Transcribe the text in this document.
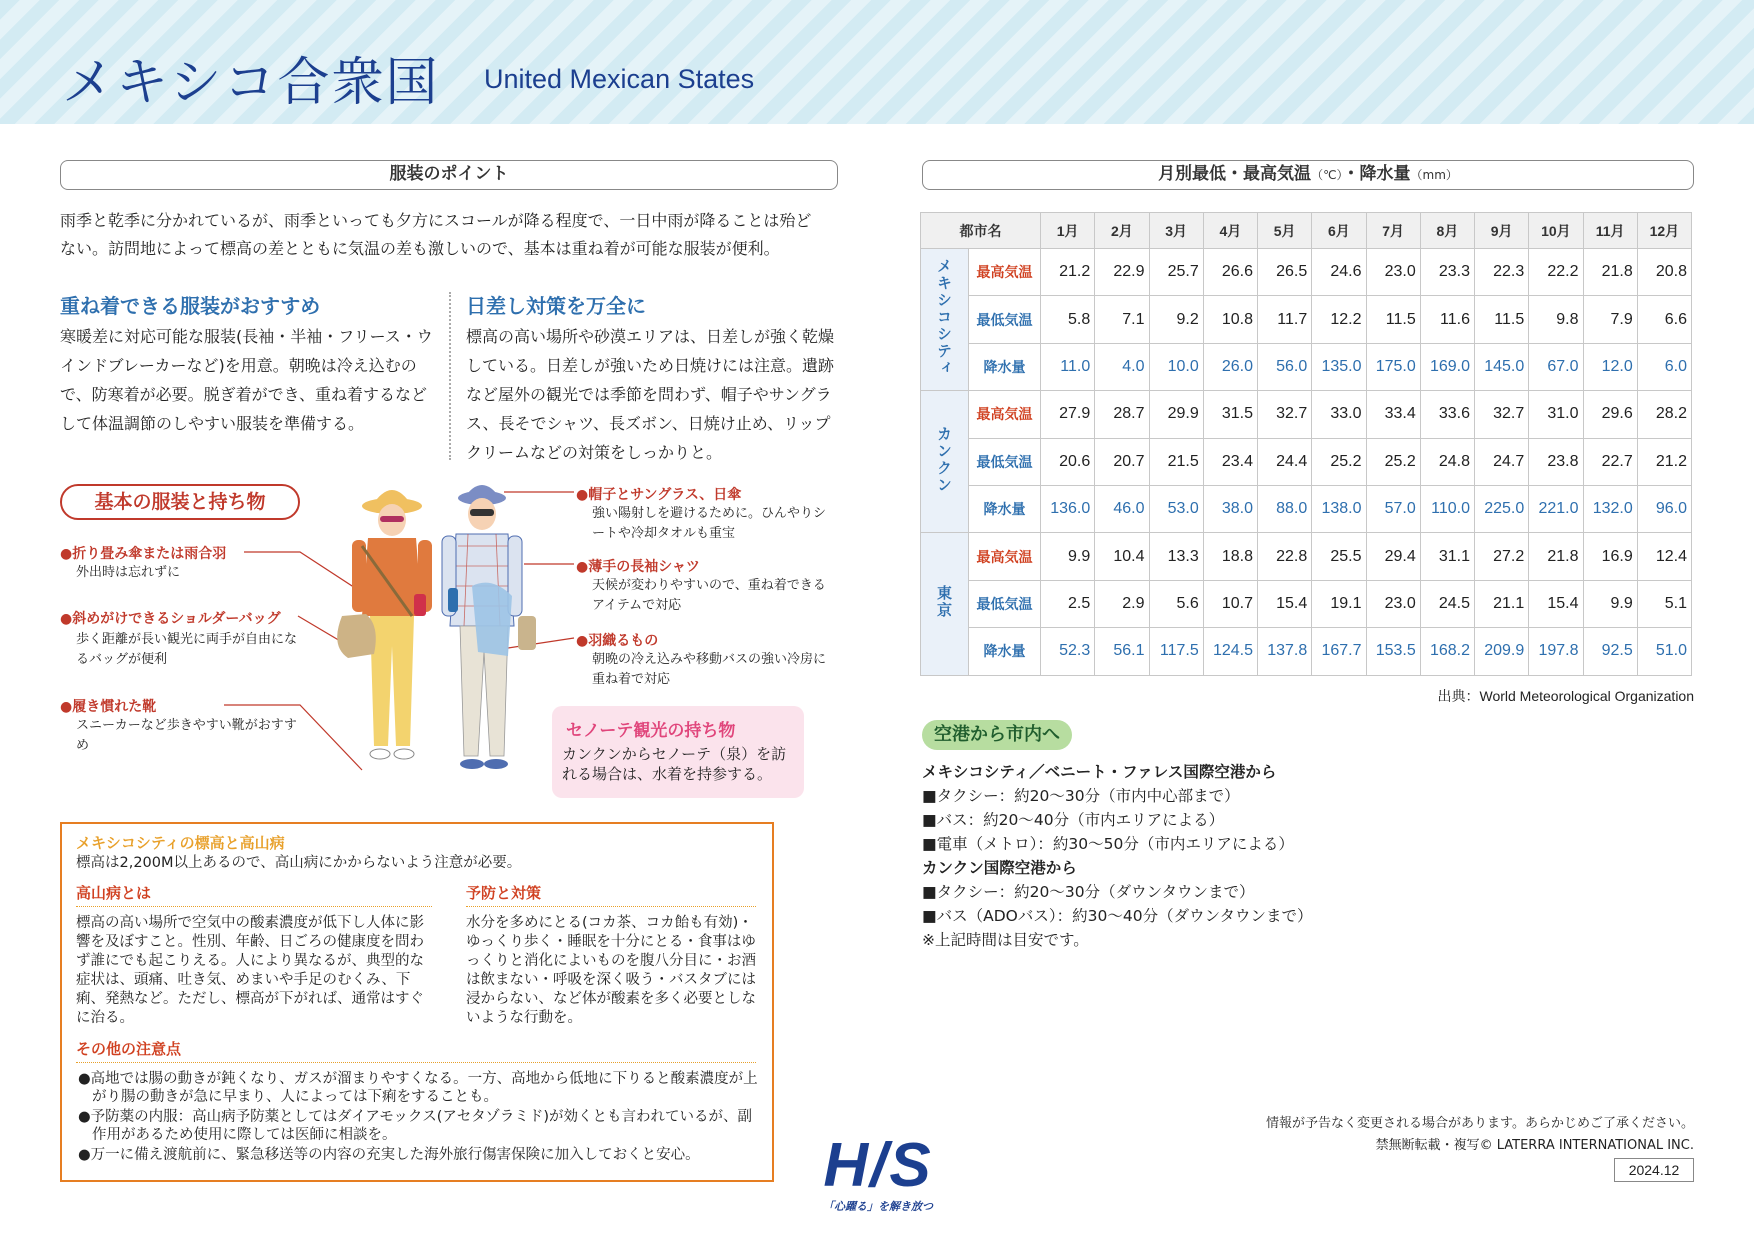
メキシコ合衆国 United Mexican States
服装のポイント
雨季と乾季に分かれているが、雨季といっても夕方にスコールが降る程度で、一日中雨が降ることは殆ど
ない。訪問地によって標高の差とともに気温の差も激しいので、基本は重ね着が可能な服装が便利。
重ね着できる服装がおすすめ
寒暖差に対応可能な服装(長袖・半袖・フリース・ウインドブレーカーなど)を用意。朝晩は冷え込むので、防寒着が必要。脱ぎ着ができ、重ね着するなどして体温調節のしやすい服装を準備する。
日差し対策を万全に
標高の高い場所や砂漠エリアは、日差しが強く乾燥している。日差しが強いため日焼けには注意。遺跡など屋外の観光では季節を問わず、帽子やサングラス、長そでシャツ、長ズボン、日焼け止め、リップクリームなどの対策をしっかりと。
基本の服装と持ち物
●折り畳み傘または雨合羽
外出時は忘れずに
●斜めがけできるショルダーバッグ
歩く距離が長い観光に両手が自由になるバッグが便利
●履き慣れた靴
スニーカーなど歩きやすい靴がおすすめ
●帽子とサングラス、日傘
強い陽射しを避けるために。ひんやりシートや冷却タオルも重宝
●薄手の長袖シャツ
天候が変わりやすいので、重ね着できるアイテムで対応
●羽織るもの
朝晩の冷え込みや移動バスの強い冷房に重ね着で対応
セノーテ観光の持ち物
カンクンからセノーテ（泉）を訪れる場合は、水着を持参する。
メキシコシティの標高と高山病
標高は2,200M以上あるので、高山病にかからないよう注意が必要。
高山病とは
標高の高い場所で空気中の酸素濃度が低下し人体に影響を及ぼすこと。性別、年齢、日ごろの健康度を問わず誰にでも起こりえる。人により異なるが、典型的な症状は、頭痛、吐き気、めまいや手足のむくみ、下痢、発熱など。ただし、標高が下がれば、通常はすぐに治る。
予防と対策
水分を多めにとる(コカ茶、コカ飴も有効)・ゆっくり歩く・睡眠を十分にとる・食事はゆっくりと消化によいものを腹八分目に・お酒は飲まない・呼吸を深く吸う・バスタブには浸からない、など体が酸素を多く必要としないような行動を。
その他の注意点
●高地では腸の動きが鈍くなり、ガスが溜まりやすくなる。一方、高地から低地に下りると酸素濃度が上がり腸の動きが急に早まり、人によっては下痢をすることも。
●予防薬の内服：高山病予防薬としてはダイアモックス(アセタゾラミド)が効くとも言われているが、副作用があるため使用に際しては医師に相談を。
●万一に備え渡航前に、緊急移送等の内容の充実した海外旅行傷害保険に加入しておくと安心。
月別最低・最高気温（℃）・降水量（mm）
都市名		1月	2月	3月	4月	5月	6月	7月	8月	9月	10月	11月	12月
メキシコシティ	最高気温	21.2	22.9	25.7	26.6	26.5	24.6	23.0	23.3	22.3	22.2	21.8	20.8
	最低気温	5.8	7.1	9.2	10.8	11.7	12.2	11.5	11.6	11.5	9.8	7.9	6.6
	降水量	11.0	4.0	10.0	26.0	56.0	135.0	175.0	169.0	145.0	67.0	12.0	6.0
カンクン	最高気温	27.9	28.7	29.9	31.5	32.7	33.0	33.4	33.6	32.7	31.0	29.6	28.2
	最低気温	20.6	20.7	21.5	23.4	24.4	25.2	25.2	24.8	24.7	23.8	22.7	21.2
	降水量	136.0	46.0	53.0	38.0	88.0	138.0	57.0	110.0	225.0	221.0	132.0	96.0
東京	最高気温	9.9	10.4	13.3	18.8	22.8	25.5	29.4	31.1	27.2	21.8	16.9	12.4
	最低気温	2.5	2.9	5.6	10.7	15.4	19.1	23.0	24.5	21.1	15.4	9.9	5.1
	降水量	52.3	56.1	117.5	124.5	137.8	167.7	153.5	168.2	209.9	197.8	92.5	51.0
出典：World Meteorological Organization
空港から市内へ
メキシコシティ／ベニート・ファレス国際空港から
■タクシー：約20～30分（市内中心部まで）
■バス：約20～40分（市内エリアによる）
■電車（メトロ）：約30～50分（市内エリアによる）
カンクン国際空港から
■タクシー：約20～30分（ダウンタウンまで）
■バス（ADOバス）：約30～40分（ダウンタウンまで）
※上記時間は目安です。
情報が予告なく変更される場合があります。あらかじめご了承ください。
禁無断転載・複写© LATERRA INTERNATIONAL INC.
2024.12
H/S
「心躍る」を解き放つ
